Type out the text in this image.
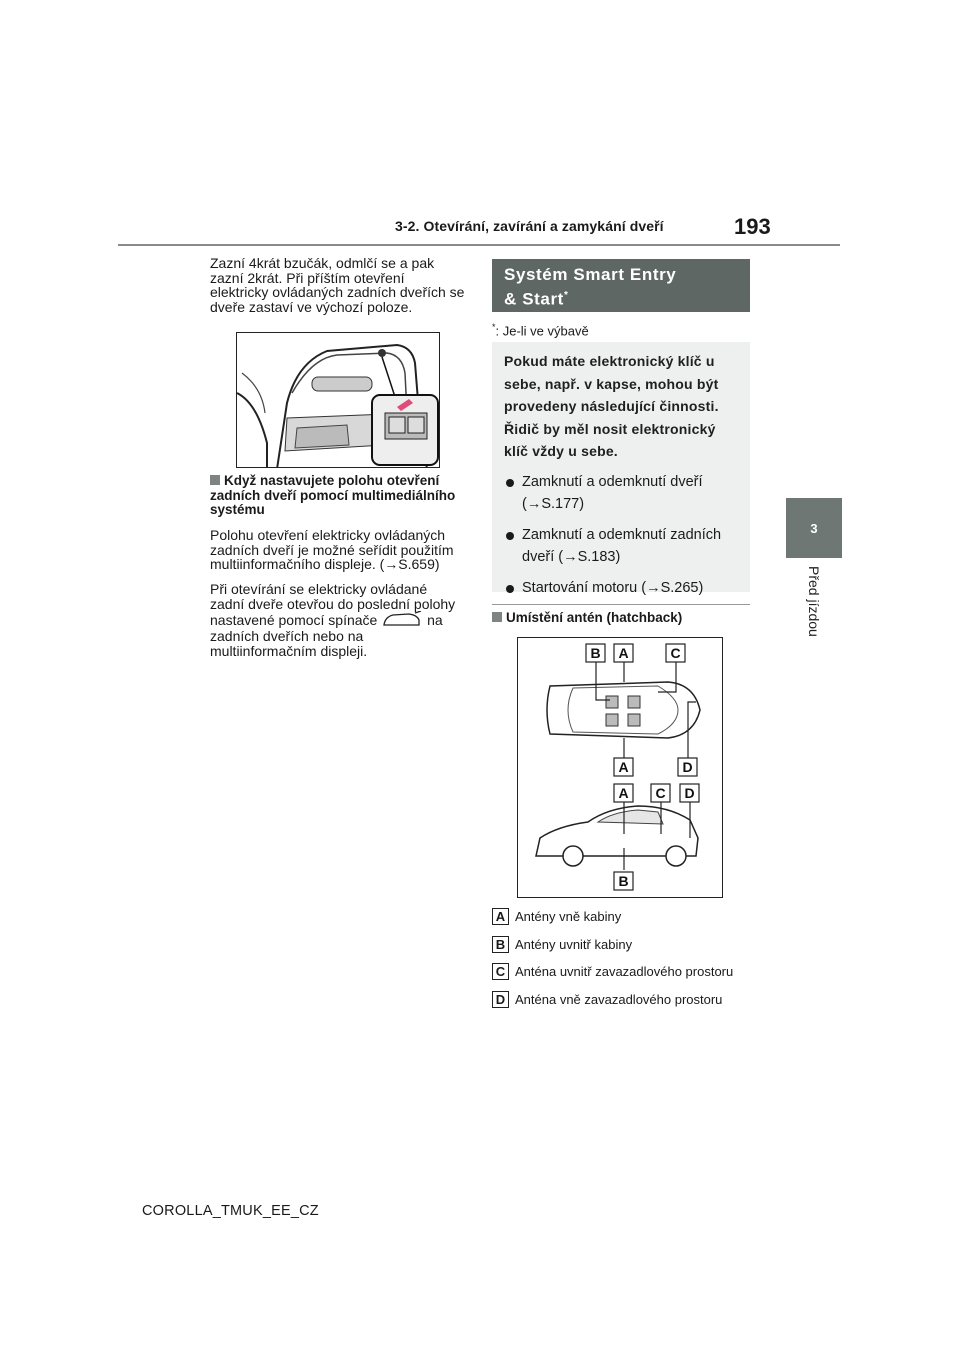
3-2. Otevírání, zavírání a zamykání dveří	193
3
Před jízdou
Zazní 4krát bzučák, odmlčí se a pak zazní 2krát. Při příštím otevření elektricky ovládaných zadních dveřích se dveře zastaví ve výchozí poloze.
Když nastavujete polohu otevření zadních dveří pomocí multimediálního systému
Polohu otevření elektricky ovládaných zadních dveří je možné seřídit použitím multiinformačního displeje. (→S.659)
Při otevírání se elektricky ovládané zadní dveře otevřou do poslední polohy nastavené pomocí spínače	na zadních dveřích nebo na multiinformačním displeji.
Systém Smart Entry
& Start*
*: Je-li ve výbavě
Pokud máte elektronický klíč u sebe, např. v kapse, mohou být provedeny následující činnosti. Řidič by měl nosit elektronický klíč vždy u sebe.
Zamknutí a odemknutí dveří (→S.177)
Zamknutí a odemknutí zadních dveří (→S.183)
Startování motoru (→S.265)
Umístění antén (hatchback)
B A	C
A	D
A C D
B
A Antény vně kabiny
B Antény uvnitř kabiny
C Anténa uvnitř zavazadlového prostoru
D Anténa vně zavazadlového prostoru
COROLLA_TMUK_EE_CZ
